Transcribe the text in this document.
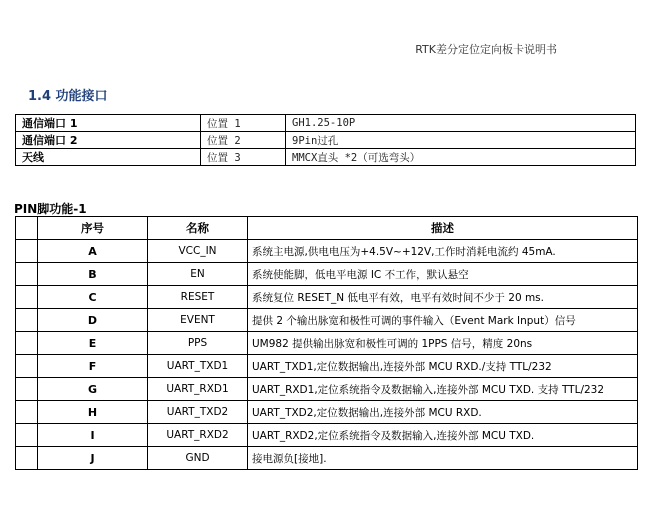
RTK差分定位定向板卡说明书
1.4 功能接口
通信端口 1	位置 1	GH1.25-10P
通信端口 2	位置 2	9Pin过孔
天线	位置 3	MMCX直头 *2（可选弯头）
PIN脚功能-1
	序号	名称	描述
	A	VCC_IN	系统主电源,供电电压为+4.5V~+12V,工作时消耗电流约 45mA.
	B	EN	系统使能脚，低电平电源 IC 不工作，默认悬空
	C	RESET	系统复位 RESET_N 低电平有效，电平有效时间不少于 20 ms.
	D	EVENT	提供 2 个输出脉宽和极性可调的事件输入（Event Mark Input）信号
	E	PPS	UM982 提供输出脉宽和极性可调的 1PPS 信号，精度 20ns
	F	UART_TXD1	UART_TXD1,定位数据输出,连接外部 MCU RXD./支持 TTL/232
	G	UART_RXD1	UART_RXD1,定位系统指令及数据输入,连接外部 MCU TXD. 支持 TTL/232
	H	UART_TXD2	UART_TXD2,定位数据输出,连接外部 MCU RXD.
	I	UART_RXD2	UART_RXD2,定位系统指令及数据输入,连接外部 MCU TXD.
	J	GND	接电源负[接地].
